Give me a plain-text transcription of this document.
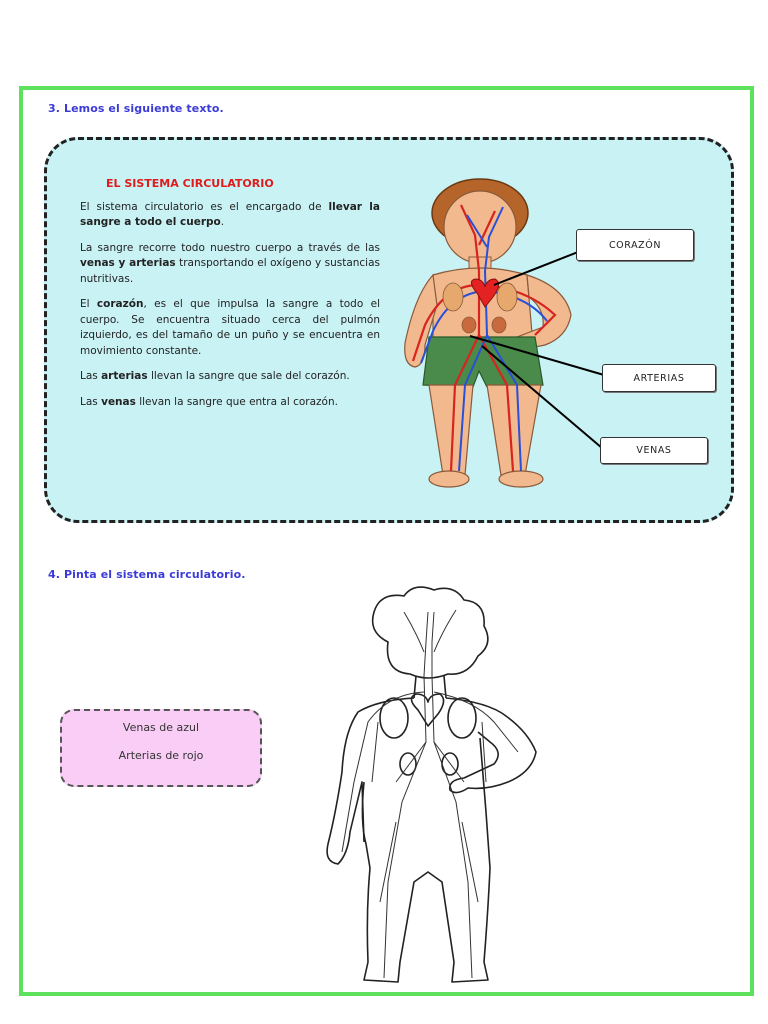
3. Lemos el siguiente texto.

EL SISTEMA CIRCULATORIO

El sistema circulatorio es el encargado de llevar la sangre a todo el cuerpo.

La sangre recorre todo nuestro cuerpo a través de las venas y arterias transportando el oxígeno y sustancias nutritivas.

El corazón, es el que impulsa la sangre a todo el cuerpo. Se encuentra situado cerca del pulmón izquierdo, es del tamaño de un puño y se encuentra en movimiento constante.

Las arterias llevan la sangre que sale del corazón.

Las venas llevan la sangre que entra al corazón.

CORAZÓN
ARTERIAS
VENAS
4. Pinta el sistema circulatorio.
Venas de azul
Arterias de rojo
